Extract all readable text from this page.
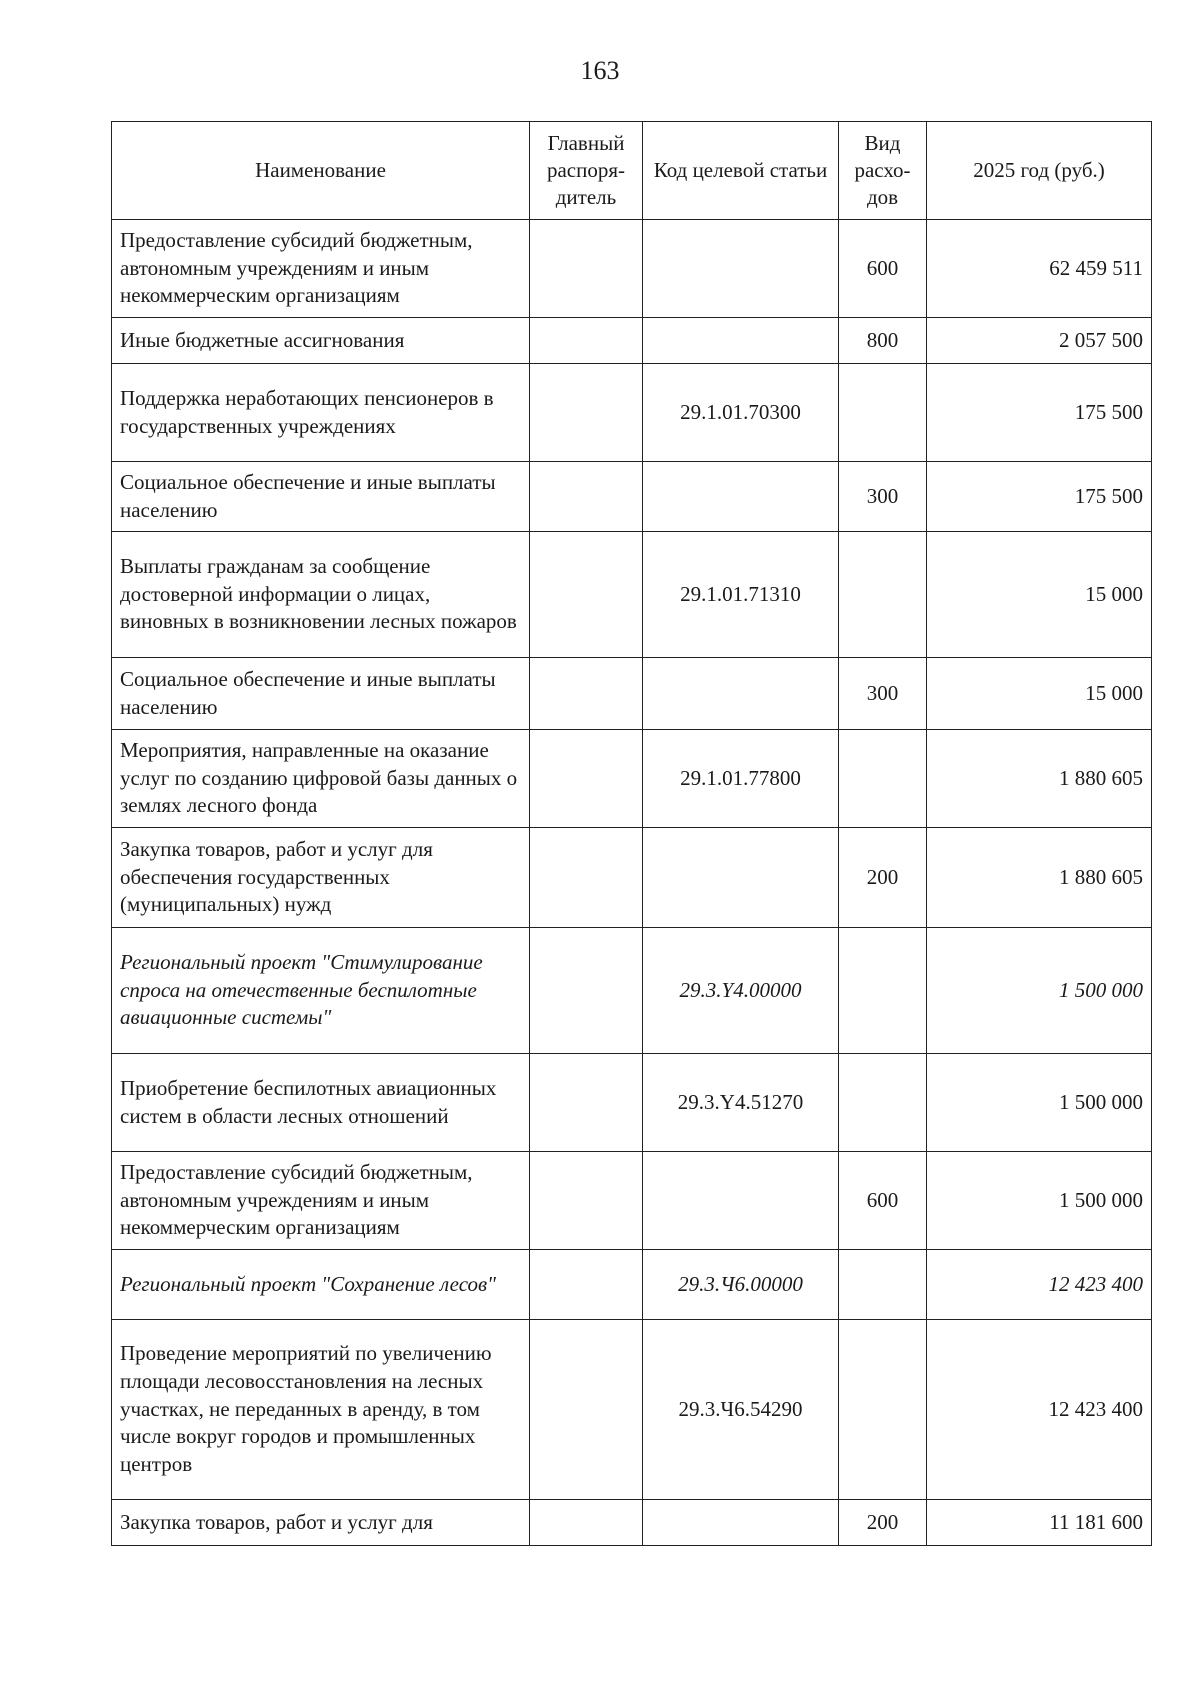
163
Наименование	Главный распоря-дитель	Код целевой статьи	Вид расхо-дов	2025 год (руб.)
Предоставление субсидий бюджетным, автономным учреждениям и иным некоммерческим организациям			600	62 459 511
Иные бюджетные ассигнования			800	2 057 500
Поддержка неработающих пенсионеров в государственных учреждениях		29.1.01.70300		175 500
Социальное обеспечение и иные выплаты населению			300	175 500
Выплаты гражданам за сообщение достоверной информации о лицах, виновных в возникновении лесных пожаров		29.1.01.71310		15 000
Социальное обеспечение и иные выплаты населению			300	15 000
Мероприятия, направленные на оказание услуг по созданию цифровой базы данных о землях лесного фонда		29.1.01.77800		1 880 605
Закупка товаров, работ и услуг для обеспечения государственных (муниципальных) нужд			200	1 880 605
Региональный проект "Стимулирование спроса на отечественные беспилотные авиационные системы"		29.3.Y4.00000		1 500 000
Приобретение беспилотных авиационных систем в области лесных отношений		29.3.Y4.51270		1 500 000
Предоставление субсидий бюджетным, автономным учреждениям и иным некоммерческим организациям			600	1 500 000
Региональный проект "Сохранение лесов"		29.3.Ч6.00000		12 423 400
Проведение мероприятий по увеличению площади лесовосстановления на лесных участках, не переданных в аренду, в том числе вокруг городов и промышленных центров		29.3.Ч6.54290		12 423 400
Закупка товаров, работ и услуг для			200	11 181 600
